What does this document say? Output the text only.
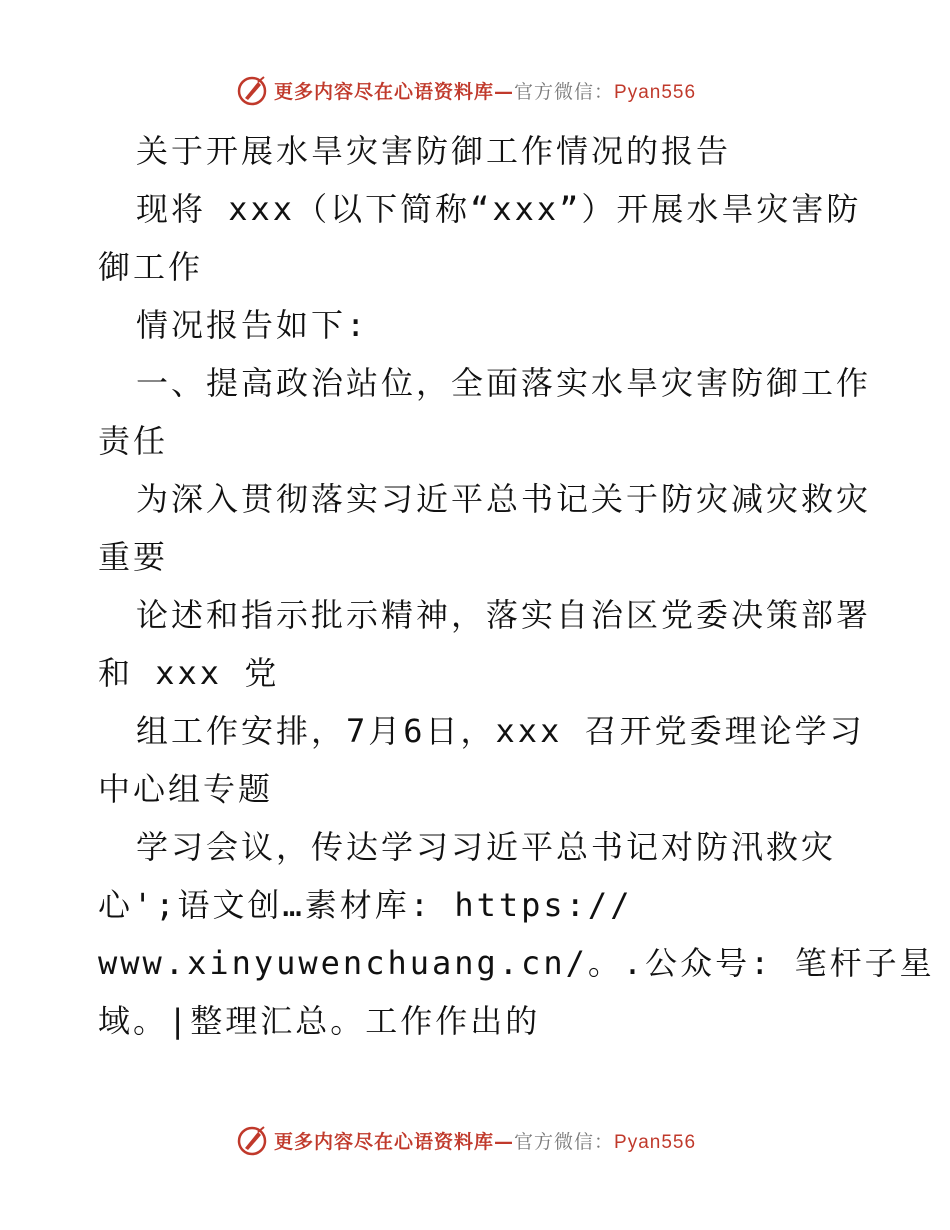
更多内容尽在心语资料库—官方微信：Pyan556

关于开展水旱灾害防御工作情况的报告

现将 xxx（以下简称“xxx”）开展水旱灾害防

御工作

情况报告如下:

一、提高政治站位，全面落实水旱灾害防御工作

责任

为深入贯彻落实习近平总书记关于防灾减灾救灾

重要

论述和指示批示精神，落实自治区党委决策部署

和 xxx 党

组工作安排，7月6日，xxx 召开党委理论学习

中心组专题

学习会议，传达学习习近平总书记对防汛救灾

心';语文创…素材库: https://

www.xinyuwenchuang.cn/。.公众号: 笔杆子星

域。|整理汇总。工作作出的

更多内容尽在心语资料库—官方微信：Pyan556
